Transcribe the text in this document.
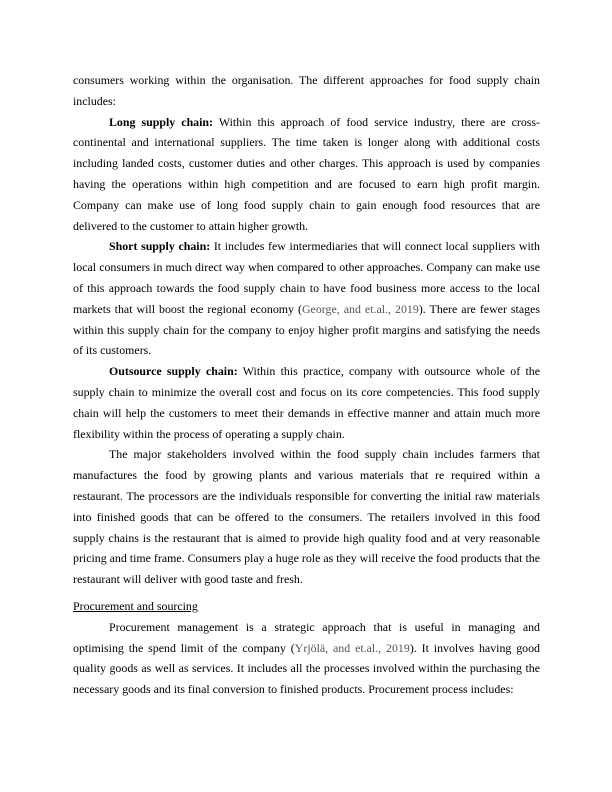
consumers working within the organisation. The different approaches for food supply chain includes:

Long supply chain: Within this approach of food service industry, there are cross-continental and international suppliers. The time taken is longer along with additional costs including landed costs, customer duties and other charges. This approach is used by companies having the operations within high competition and are focused to earn high profit margin. Company can make use of long food supply chain to gain enough food resources that are delivered to the customer to attain higher growth.

Short supply chain: It includes few intermediaries that will connect local suppliers with local consumers in much direct way when compared to other approaches. Company can make use of this approach towards the food supply chain to have food business more access to the local markets that will boost the regional economy (George, and et.al., 2019). There are fewer stages within this supply chain for the company to enjoy higher profit margins and satisfying the needs of its customers.

Outsource supply chain: Within this practice, company with outsource whole of the supply chain to minimize the overall cost and focus on its core competencies. This food supply chain will help the customers to meet their demands in effective manner and attain much more flexibility within the process of operating a supply chain.

The major stakeholders involved within the food supply chain includes farmers that manufactures the food by growing plants and various materials that re required within a restaurant. The processors are the individuals responsible for converting the initial raw materials into finished goods that can be offered to the consumers. The retailers involved in this food supply chains is the restaurant that is aimed to provide high quality food and at very reasonable pricing and time frame. Consumers play a huge role as they will receive the food products that the restaurant will deliver with good taste and fresh.

Procurement and sourcing

Procurement management is a strategic approach that is useful in managing and optimising the spend limit of the company (Yrjölä, and et.al., 2019). It involves having good quality goods as well as services. It includes all the processes involved within the purchasing the necessary goods and its final conversion to finished products. Procurement process includes:
